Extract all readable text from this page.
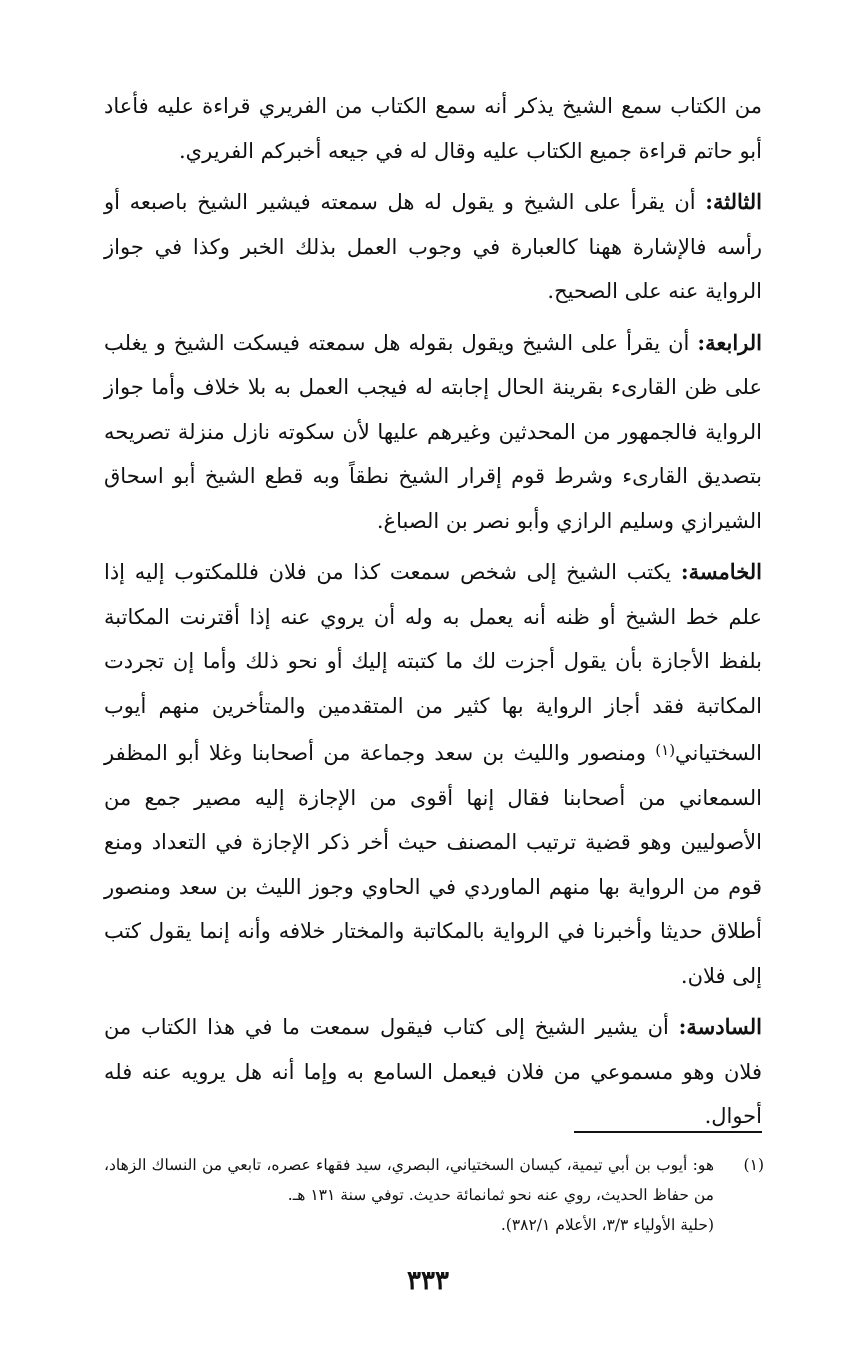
من الكتاب سمع الشيخ يذكر أنه سمع الكتاب من الفريري قراءة عليه فأعاد أبو حاتم قراءة جميع الكتاب عليه وقال له في جيعه أخبركم الفريري.

الثالثة: أن يقرأ على الشيخ و يقول له هل سمعته فيشير الشيخ باصبعه أو رأسه فالإشارة ههنا كالعبارة في وجوب العمل بذلك الخبر وكذا في جواز الرواية عنه على الصحيح.

الرابعة: أن يقرأ على الشيخ ويقول بقوله هل سمعته فيسكت الشيخ و يغلب على ظن القارىء بقرينة الحال إجابته له فيجب العمل به بلا خلاف وأما جواز الرواية فالجمهور من المحدثين وغيرهم عليها لأن سكوته نازل منزلة تصريحه بتصديق القارىء وشرط قوم إقرار الشيخ نطقاً وبه قطع الشيخ أبو اسحاق الشيرازي وسليم الرازي وأبو نصر بن الصباغ.

الخامسة: يكتب الشيخ إلى شخص سمعت كذا من فلان فللمكتوب إليه إذا علم خط الشيخ أو ظنه أنه يعمل به وله أن يروي عنه إذا أقترنت المكاتبة بلفظ الأجازة بأن يقول أجزت لك ما كتبته إليك أو نحو ذلك وأما إن تجردت المكاتبة فقد أجاز الرواية بها كثير من المتقدمين والمتأخرين منهم أيوب السختياني$^{(١)}$ ومنصور والليث بن سعد وجماعة من أصحابنا وغلا أبو المظفر السمعاني من أصحابنا فقال إنها أقوى من الإجازة إليه مصير جمع من الأصوليين وهو قضية ترتيب المصنف حيث أخر ذكر الإجازة في التعداد ومنع قوم من الرواية بها منهم الماوردي في الحاوي وجوز الليث بن سعد ومنصور أطلاق حديثا وأخبرنا في الرواية بالمكاتبة والمختار خلافه وأنه إنما يقول كتب إلى فلان.

السادسة: أن يشير الشيخ إلى كتاب فيقول سمعت ما في هذا الكتاب من فلان وهو مسموعي من فلان فيعمل السامع به وإما أنه هل يرويه عنه فله أحوال.

(١)
هو: أيوب بن أبي تيمية، كيسان السختياني، البصري، سيد فقهاء عصره، تابعي من النساك الزهاد، من حفاظ الحديث، روي عنه نحو ثمانمائة حديث. توفي سنة ١٣١ هـ.
(حلية الأولياء ٣/٣، الأعلام ٣٨٢/١).
٣٣٣
